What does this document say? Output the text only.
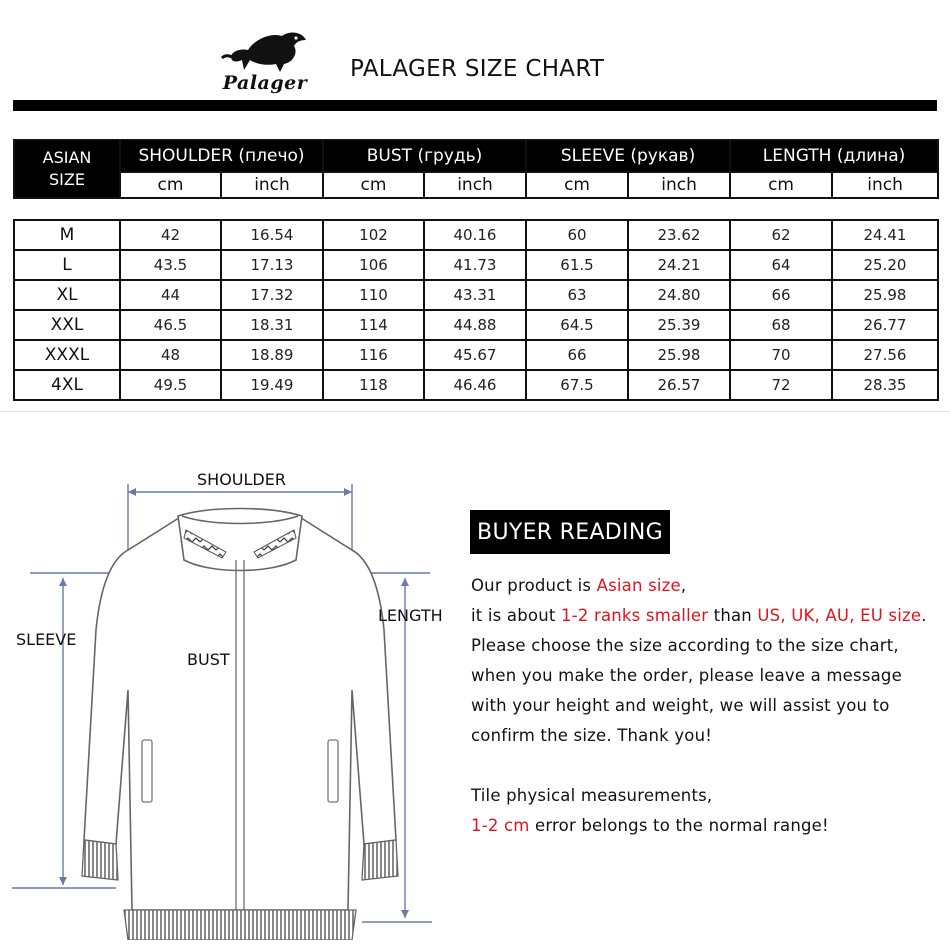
Palager
PALAGER SIZE CHART
ASIAN
SIZE	SHOULDER (плечо)		BUST (грудь)		SLEEVE (рукав)		LENGTH (длина)	
	cm	inch	cm	inch	cm	inch	cm	inch
M	42	16.54	102	40.16	60	23.62	62	24.41
L	43.5	17.13	106	41.73	61.5	24.21	64	25.20
XL	44	17.32	110	43.31	63	24.80	66	25.98
XXL	46.5	18.31	114	44.88	64.5	25.39	68	26.77
XXXL	48	18.89	116	45.67	66	25.98	70	27.56
4XL	49.5	19.49	118	46.46	67.5	26.57	72	28.35
SHOULDER
SLEEVE
BUST
LENGTH
BUYER READING
Our product is Asian size,
it is about 1-2 ranks smaller than US, UK, AU, EU size.
Please choose the size according to the size chart,
when you make the order, please leave a message
with your height and weight, we will assist you to
confirm the size. Thank you!
Tile physical measurements,
1-2 cm error belongs to the normal range!
